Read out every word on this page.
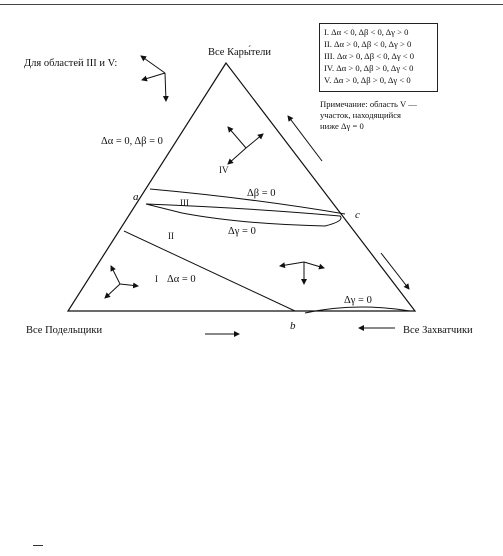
Все Кары́тели
Все Подельщики	Все Захватчики
a
b
c
IV
III
II
I
Δα = 0, Δβ = 0
Δβ = 0
Δγ = 0
Δα = 0
Δγ = 0
Для областей III и V:
I. Δα < 0, Δβ < 0, Δγ > 0
II. Δα > 0, Δβ < 0, Δγ > 0
III. Δα > 0, Δβ < 0, Δγ < 0
IV. Δα > 0, Δβ > 0, Δγ < 0
V. Δα > 0, Δβ > 0, Δγ < 0
Примечание: область V —
участок, находящийся
ниже Δγ = 0
